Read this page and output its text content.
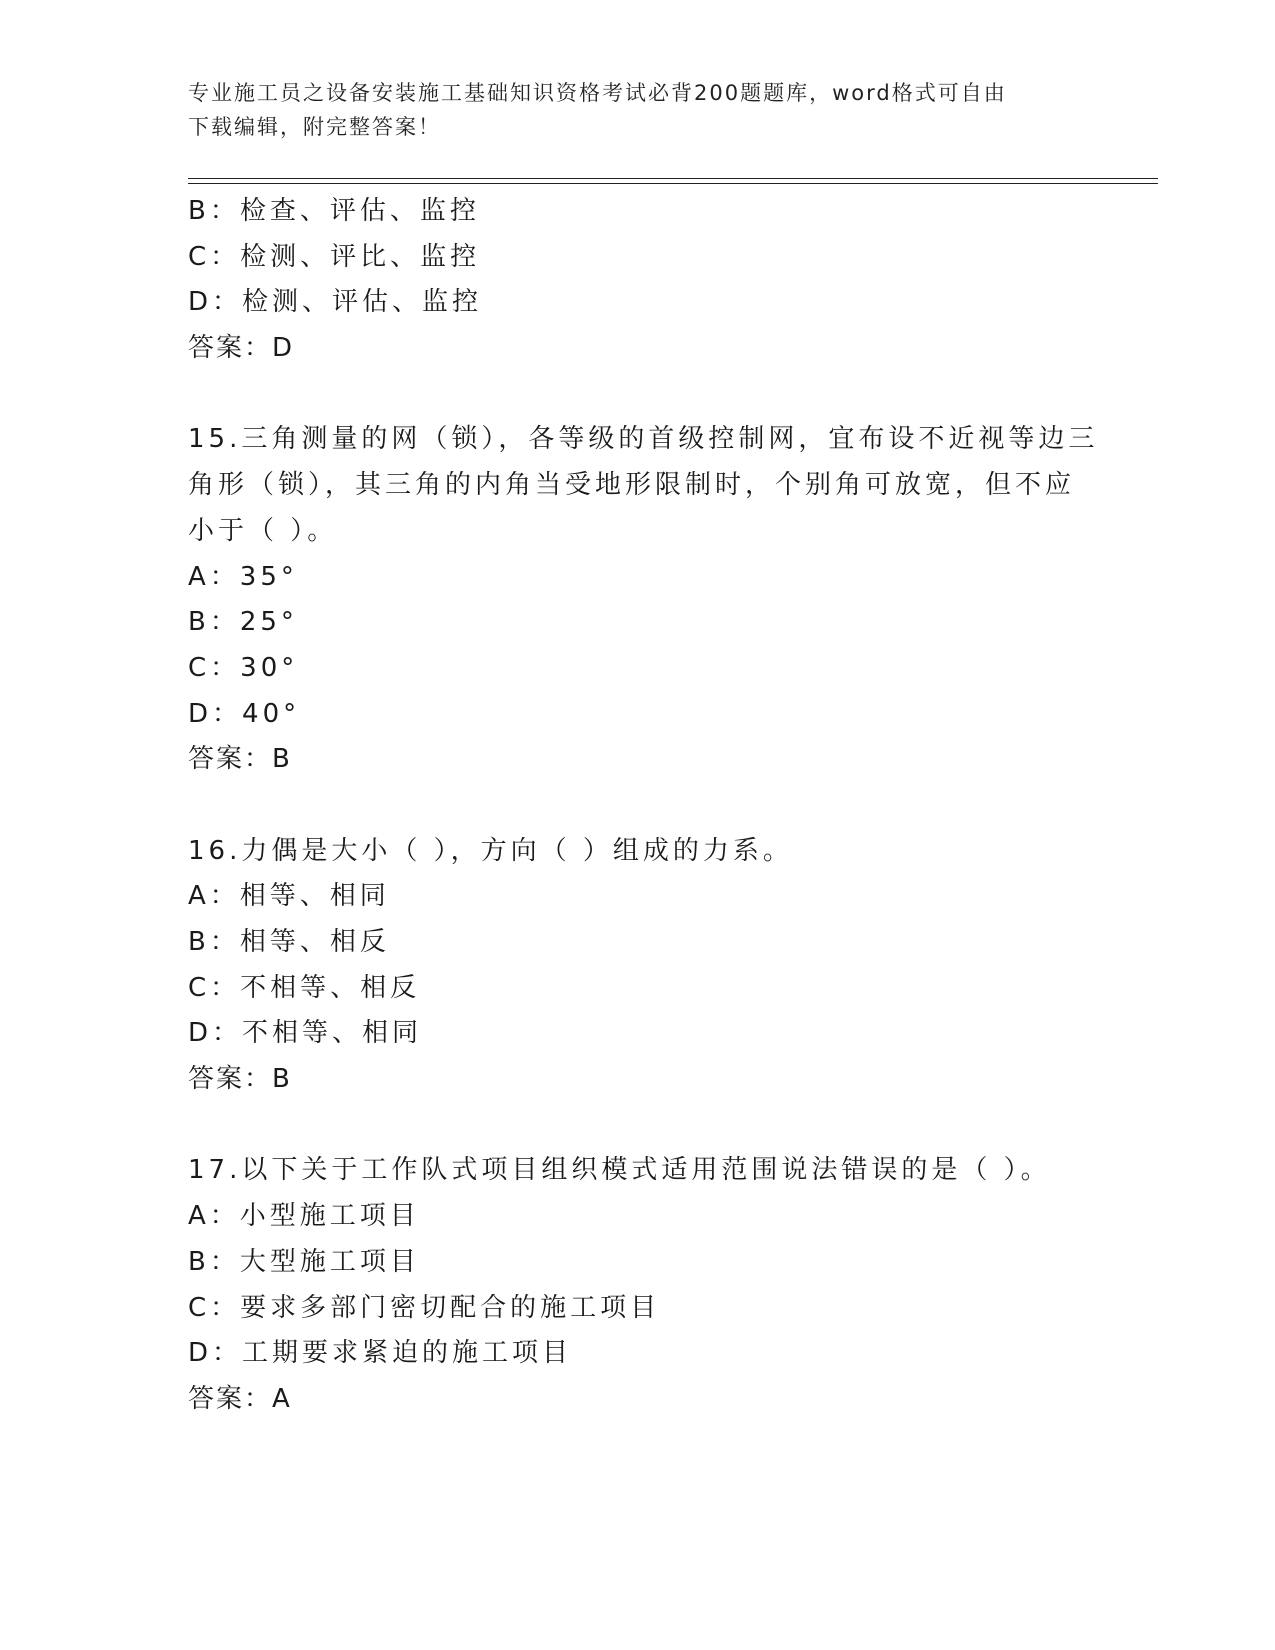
专业施工员之设备安装施工基础知识资格考试必背200题题库，word格式可自由
下载编辑，附完整答案！
B：检查、评估、监控
C：检测、评比、监控
D：检测、评估、监控
答案：D
15.三角测量的网（锁），各等级的首级控制网，宜布设不近视等边三
角形（锁），其三角的内角当受地形限制时，个别角可放宽，但不应
小于（ ）。
A：35°
B：25°
C：30°
D：40°
答案：B
16.力偶是大小（ ），方向（ ）组成的力系。
A：相等、相同
B：相等、相反
C：不相等、相反
D：不相等、相同
答案：B
17.以下关于工作队式项目组织模式适用范围说法错误的是（ ）。
A：小型施工项目
B：大型施工项目
C：要求多部门密切配合的施工项目
D：工期要求紧迫的施工项目
答案：A
